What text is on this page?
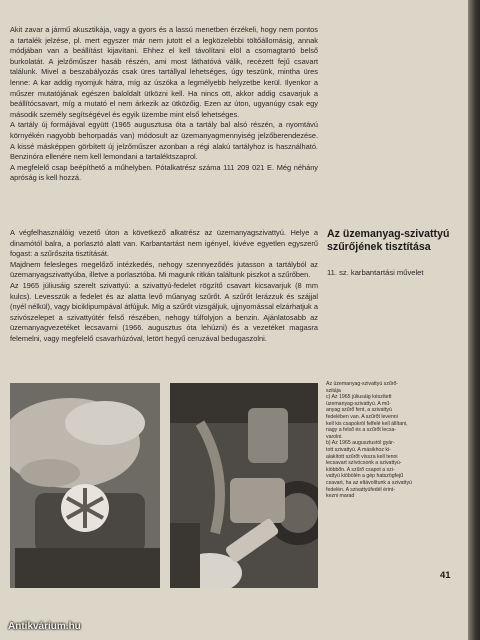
Akit zavar a jármű akusztikája, vagy a gyors és a lassú menetben érzékeli, hogy nem pontos a tartalék jelzése, pl. mert egyszer már nem jutott el a legközelebbi töltőállomásig, annak módjában van a beállítást kijavítani. Ehhez el kell távolítani elöl a csomagtartó belső burkolatát. A jelzőműszer hasáb részén, ami most láthatóvá válik, recézett fejű csavart találunk. Mivel a beszabályozás csak üres tartállyal lehetséges, úgy teszünk, mintha üres lenne: A kar addig nyomjuk hátra, míg az úszóka a legmélyebb helyzetbe kerül. Ilyenkor a műszer mutatójának egészen baloldalt ütközni kell. Ha nincs ott, akkor addig csavarjuk a beállítócsavart, míg a mutató el nem árkezik az ütközőig. Ezen az úton, ugyanúgy csak egy második személy segítségével és egyik üzembe mint első lehetséges.

A tartály új formájával együtt (1965 augusztusa óta a tartály bal alsó részén, a nyomtávú környékén nagyobb behorpadás van) módosult az üzemanyagmennyiség jelzőberendezése. A kissé másképpen görbített új jelzőműszer azonban a régi alakú tartályhoz is használható. Benzinóra ellenére nem kell lemondani a tartaléktszaprol.

A megfelelő csap beépíthető a műhelyben. Pótalkatrész száma 111 209 021 E. Még néhány apróság is kell hozzá.

Az üzemanyag-szivattyú szűrőjének tisztítása
11. sz. karbantartási művelet

A végfelhasználóig vezető úton a következő alkatrész az üzemanyagszivattyú. Helye a dinamótól balra, a porlasztó alatt van. Karbantartást nem igényel, kivéve egyetlen egyszerű fogast: a szűrőszita tisztítását.

Majdnem felesleges megelőző intézkedés, nehogy szennyeződés jutasson a tartályból az üzemanyagszivattyúba, illetve a porlasztóba. Mi magunk ritkán találtunk piszkot a szűrőben.

Az 1965 júliusáig szerelt szivattyú: a szivattyú-fedelet rögzítő csavart kicsavarjuk (8 mm kulcs). Levesszük a fedelet és az alatta levő műanyag szűrőt. A szűrőt lerázzuk és szájjal (nyél nélkül), vagy biciklipumpával átfújjuk. Míg a szűrőt vizsgáljuk, ujjnyomással elzárhatjuk a szivószelepet a szivattyútér felső részében, nehogy túlfolyjon a benzin. Ajánlatosabb az üzemanyagvezetéket lecsavarni (1966. augusztus óta lehúzni) és a vezetéket magasra felemelni, vagy megfelelő csavarhúzóval, letört hegyű ceruzával bedugaszolni.

Az üzemanyag-szivattyú szűrő-
szitája
c) Az 1965 júliusáig készített
üzemanyag-szivattyú. A mű-
anyag szűrő fent, a szivattyú
fedelében van. A szűrőt levenni
kell kis csapokról felfelé kell állítani, nagy a felső és a szűrőt lecsa-
varolni.
b) Az 1965 augusztustól gyár-
tott szivattyú. A másikhoz ki-
alakított szűrőt vissza kell tenni
lecsavart szívócsonk a szivattyú-
kiöbbőn. A szűrő csapot a szi-
vattyú kiöbölén a gép hatszögfejű
csavart, ha az eltávolítunk a szivattyú
fedelén. A szivattyúfedél érint-
kezni marad
41
Antikvárium.hu
